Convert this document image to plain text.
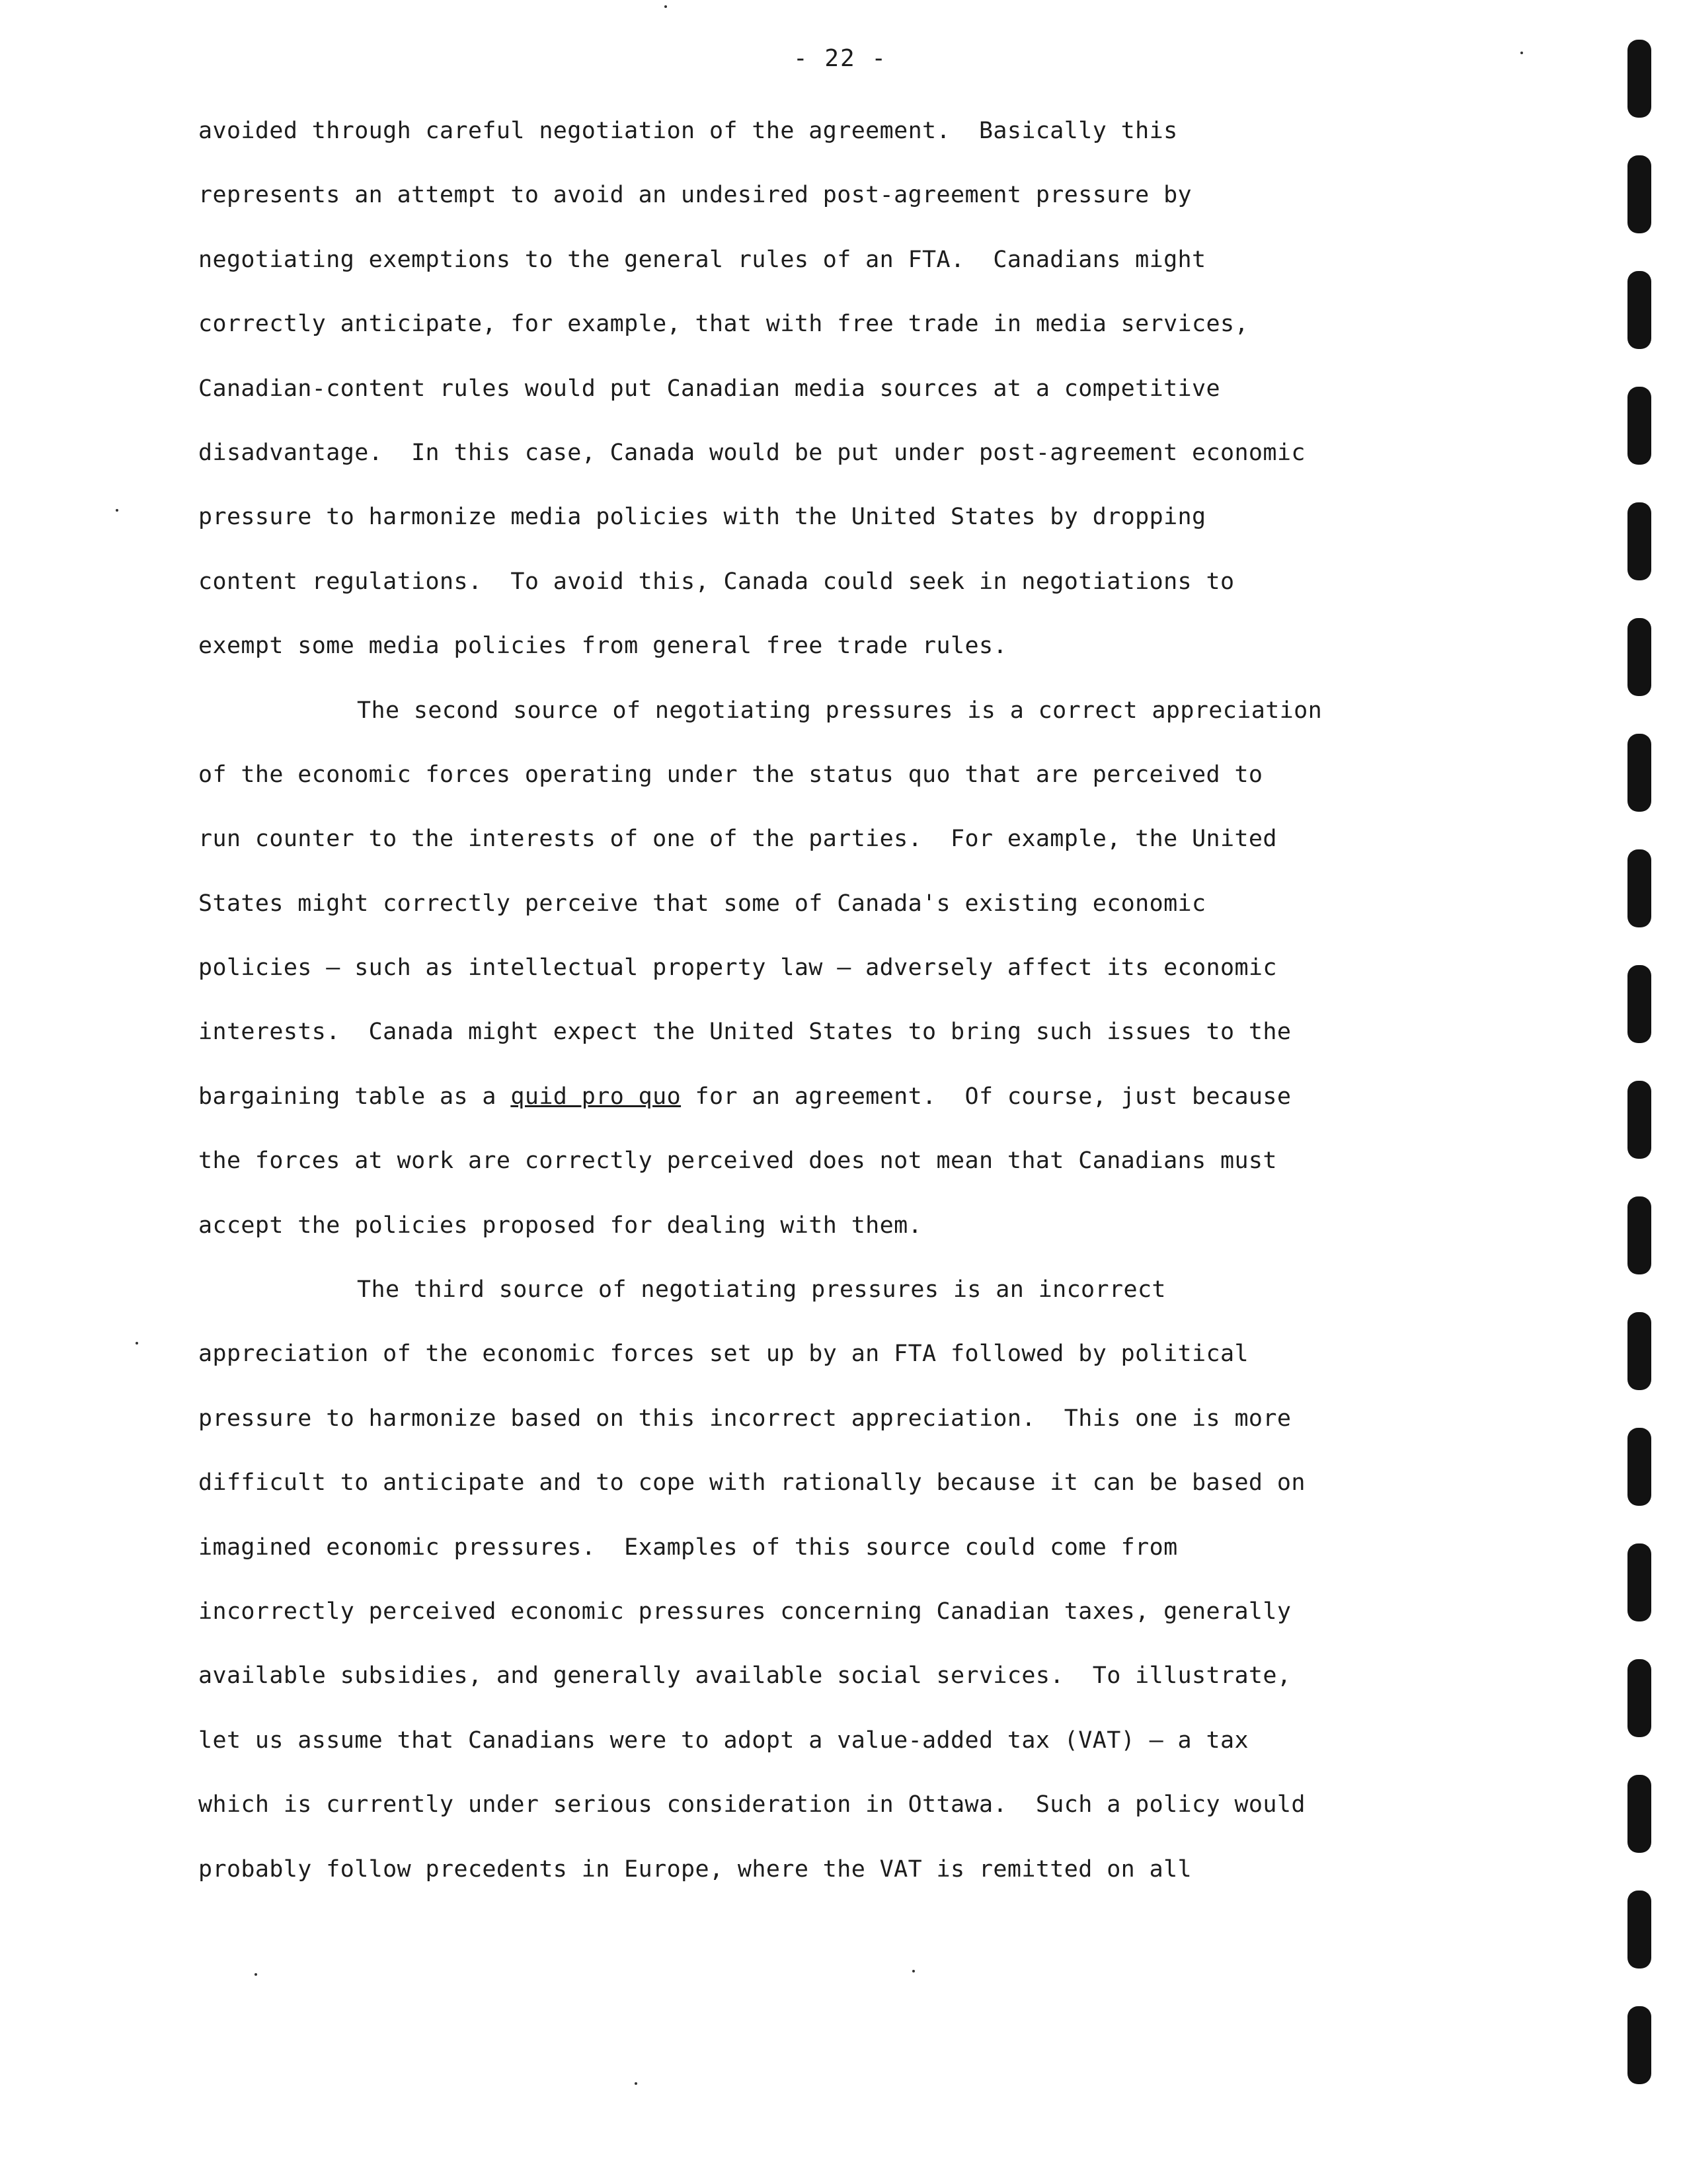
- 22 -
avoided through careful negotiation of the agreement.  Basically this
represents an attempt to avoid an undesired post-agreement pressure by
negotiating exemptions to the general rules of an FTA.  Canadians might
correctly anticipate, for example, that with free trade in media services,
Canadian-content rules would put Canadian media sources at a competitive
disadvantage.  In this case, Canada would be put under post-agreement economic
pressure to harmonize media policies with the United States by dropping
content regulations.  To avoid this, Canada could seek in negotiations to
exempt some media policies from general free trade rules.
The second source of negotiating pressures is a correct appreciation
of the economic forces operating under the status quo that are perceived to
run counter to the interests of one of the parties.  For example, the United
States might correctly perceive that some of Canada's existing economic
policies — such as intellectual property law — adversely affect its economic
interests.  Canada might expect the United States to bring such issues to the
bargaining table as a quid pro quo for an agreement.  Of course, just because
the forces at work are correctly perceived does not mean that Canadians must
accept the policies proposed for dealing with them.
The third source of negotiating pressures is an incorrect
appreciation of the economic forces set up by an FTA followed by political
pressure to harmonize based on this incorrect appreciation.  This one is more
difficult to anticipate and to cope with rationally because it can be based on
imagined economic pressures.  Examples of this source could come from
incorrectly perceived economic pressures concerning Canadian taxes, generally
available subsidies, and generally available social services.  To illustrate,
let us assume that Canadians were to adopt a value-added tax (VAT) — a tax
which is currently under serious consideration in Ottawa.  Such a policy would
probably follow precedents in Europe, where the VAT is remitted on all
